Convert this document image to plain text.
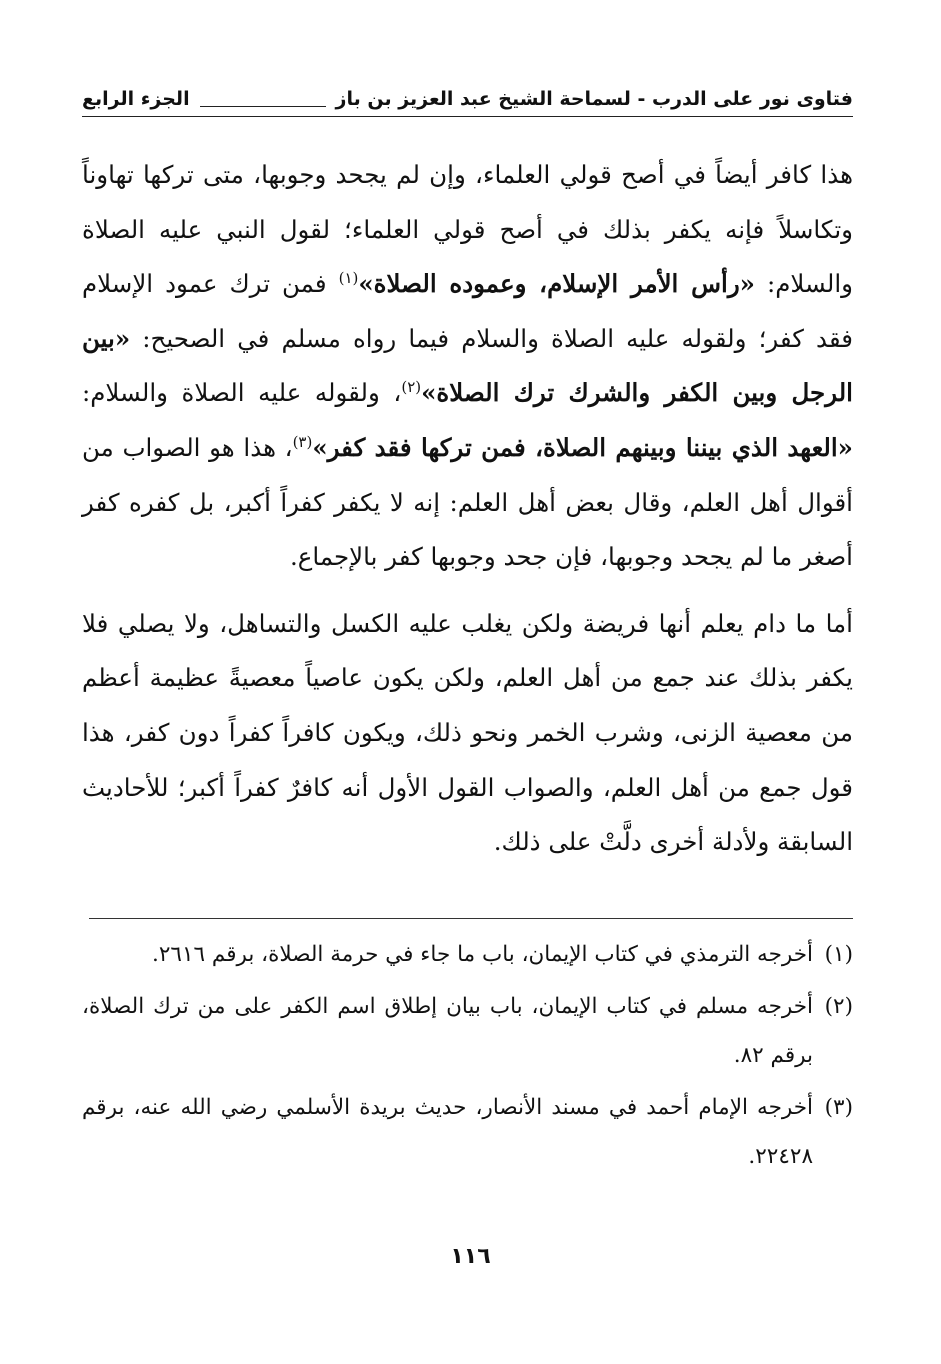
فتاوى نور على الدرب - لسماحة الشيخ عبد العزيز بن باز
الجزء الرابع

هذا كافر أيضاً في أصح قولي العلماء، وإن لم يجحد وجوبها، متى تركها تهاوناً وتكاسلاً فإنه يكفر بذلك في أصح قولي العلماء؛ لقول النبي عليه الصلاة والسلام: «رأس الأمر الإسلام، وعموده الصلاة»$^{(١)}$ فمن ترك عمود الإسلام فقد كفر؛ ولقوله عليه الصلاة والسلام فيما رواه مسلم في الصحيح: «بين الرجل وبين الكفر والشرك ترك الصلاة»$^{(٢)}$، ولقوله عليه الصلاة والسلام: «العهد الذي بيننا وبينهم الصلاة، فمن تركها فقد كفر»$^{(٣)}$، هذا هو الصواب من أقوال أهل العلم، وقال بعض أهل العلم: إنه لا يكفر كفراً أكبر، بل كفره كفر أصغر ما لم يجحد وجوبها، فإن جحد وجوبها كفر بالإجماع.

أما ما دام يعلم أنها فريضة ولكن يغلب عليه الكسل والتساهل، ولا يصلي فلا يكفر بذلك عند جمع من أهل العلم، ولكن يكون عاصياً معصيةً عظيمة أعظم من معصية الزنى، وشرب الخمر ونحو ذلك، ويكون كافراً كفراً دون كفر، هذا قول جمع من أهل العلم، والصواب القول الأول أنه كافرٌ كفراً أكبر؛ للأحاديث السابقة ولأدلة أخرى دلَّتْ على ذلك.

(١)
أخرجه الترمذي في كتاب الإيمان، باب ما جاء في حرمة الصلاة، برقم ٢٦١٦.
(٢)
أخرجه مسلم في كتاب الإيمان، باب بيان إطلاق اسم الكفر على من ترك الصلاة، برقم ٨٢.
(٣)
أخرجه الإمام أحمد في مسند الأنصار، حديث بريدة الأسلمي رضي الله عنه، برقم ٢٢٤٢٨.
١١٦
